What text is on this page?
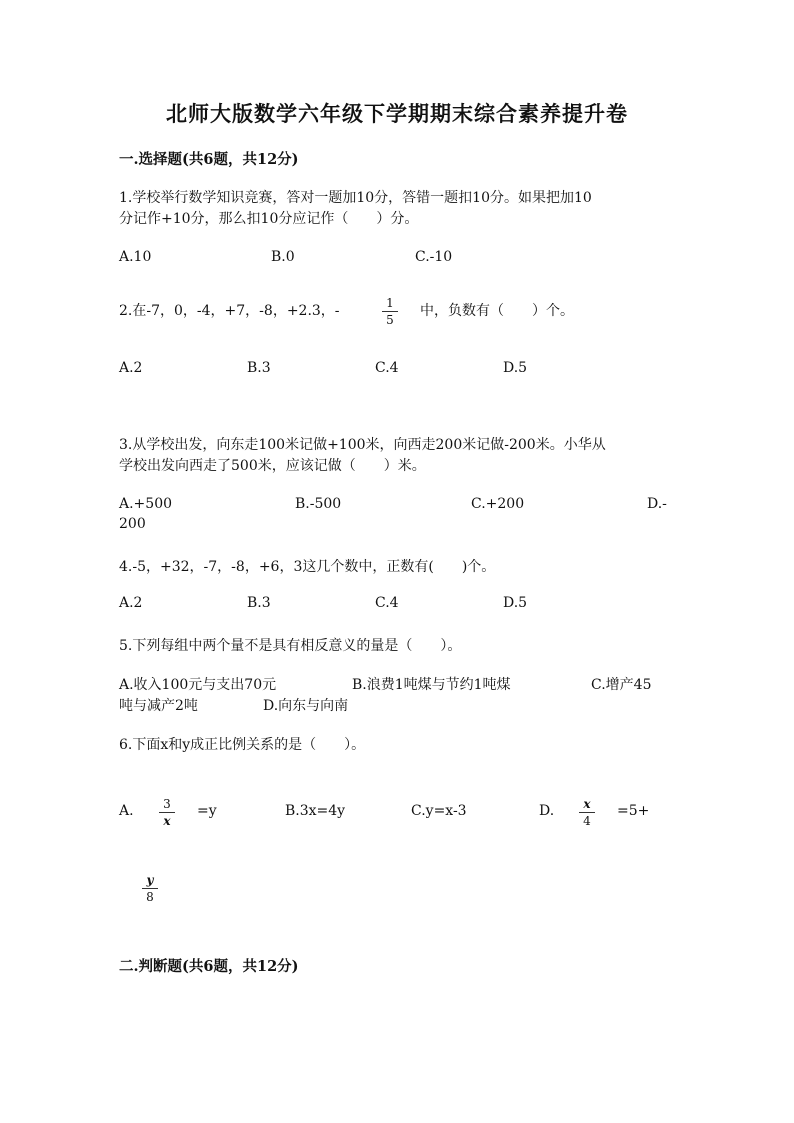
北师大版数学六年级下学期期末综合素养提升卷
一.选择题(共6题，共12分)
1.学校举行数学知识竞赛，答对一题加10分，答错一题扣10分。如果把加10
分记作+10分，那么扣10分应记作（　　）分。
A.10	B.0	C.-10
2.在-7，0，-4，+7，-8，+2.3，-	1
5
中，负数有（　　）个。
A.2	B.3	C.4	D.5
3.从学校出发，向东走100米记做+100米，向西走200米记做-200米。小华从
学校出发向西走了500米，应该记做（　　）米。
A.+500	B.-500	C.+200	D.-
200
4.-5，+32，-7，-8，+6，3这几个数中，正数有(　　)个。
A.2	B.3	C.4	D.5
5.下列每组中两个量不是具有相反意义的量是（　　）。
A.收入100元与支出70元	B.浪费1吨煤与节约1吨煤	C.增产45
吨与减产2吨	D.向东与向南
6.下面x和y成正比例关系的是（　　）。
A.	3
x
=y	B.3x=4y	C.y=x-3	D.	x
4
=5+
y
8
二.判断题(共6题，共12分)
